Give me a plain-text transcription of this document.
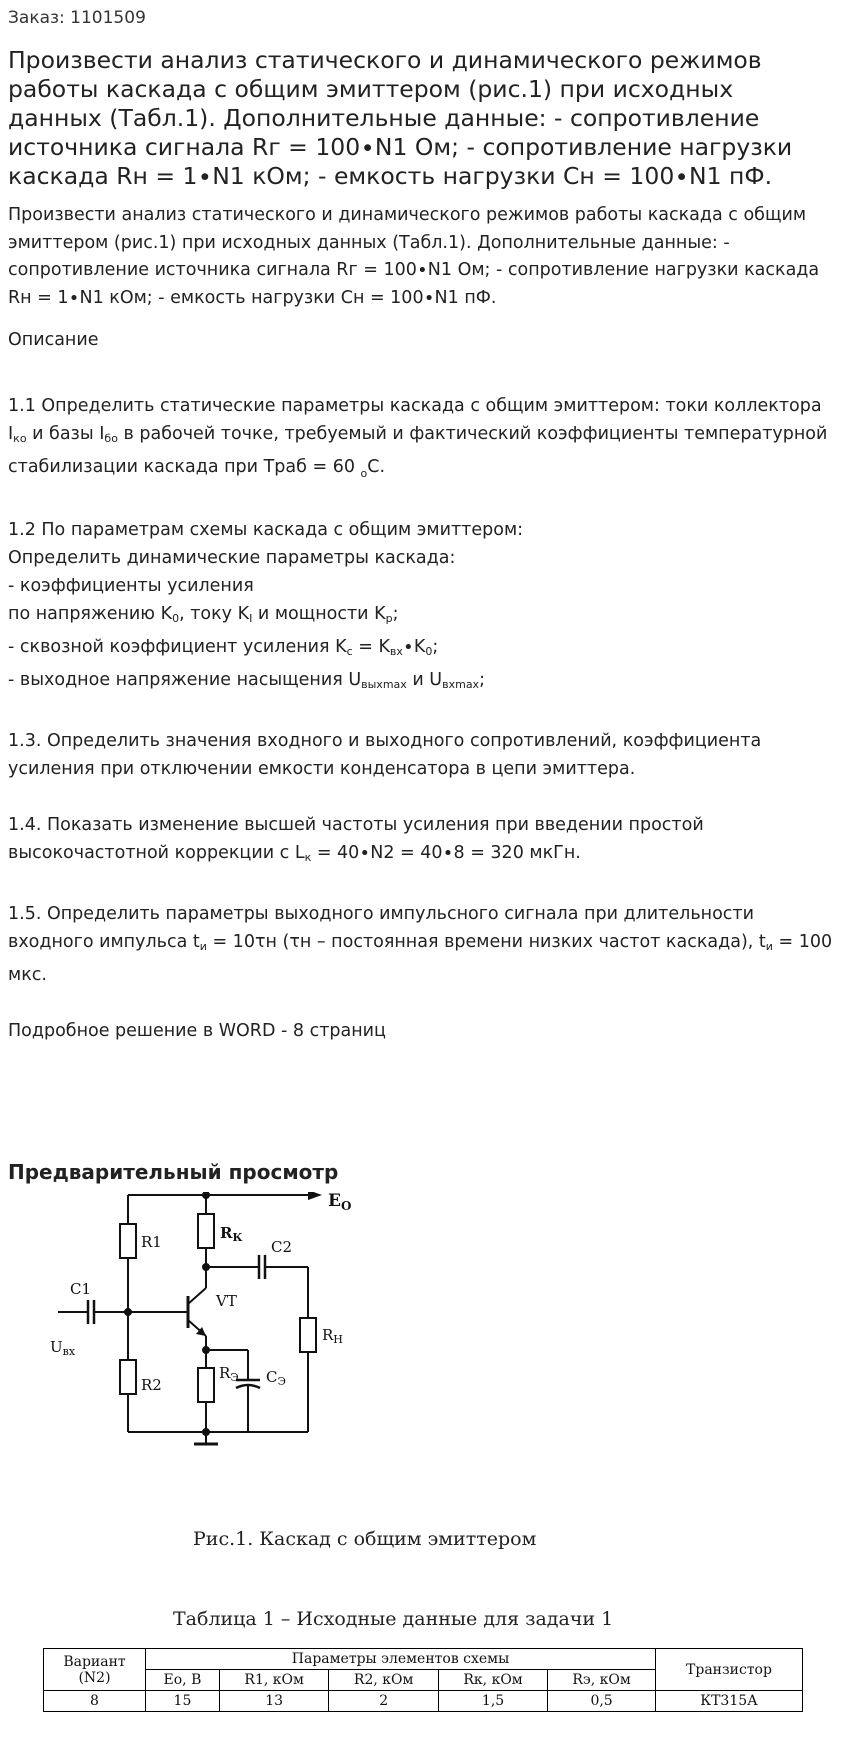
Заказ: 1101509
Произвести анализ статического и динамического режимов работы каскада с общим эмиттером (рис.1) при исходных данных (Табл.1). Дополнительные данные: - сопротивление источника сигнала Rг = 100∙N1 Ом; - сопротивление нагрузки каскада Rн = 1∙N1 кОм; - емкость нагрузки Cн = 100∙N1 пФ.
Произвести анализ статического и динамического режимов работы каскада с общим эмиттером (рис.1) при исходных данных (Табл.1). Дополнительные данные: - сопротивление источника сигнала Rг = 100∙N1 Ом; - сопротивление нагрузки каскада Rн = 1∙N1 кОм; - емкость нагрузки Cн = 100∙N1 пФ.
Описание

1.1 Определить статические параметры каскада с общим эмиттером: токи коллектора $I_{ко}$ и базы $I_{бо}$ в рабочей точке, требуемый и фактический коэффициенты температурной стабилизации каскада при Траб = 60 $_о$С.

1.2 По параметрам схемы каскада с общим эмиттером:
Определить динамические параметры каскада:
- коэффициенты усиления
по напряжению $K_0$, току $K_I$ и мощности $K_p$;
- сквозной коэффициент усиления $K_c = K_{вх}\cdot K_0$;
- выходное напряжение насыщения $U_{выхmax}$ и $U_{вхmax}$;

1.3. Определить значения входного и выходного сопротивлений, коэффициента усиления при отключении емкости конденсатора в цепи эмиттера.

1.4. Показать изменение высшей частоты усиления при введении простой высокочастотной коррекции с $L_к = 40\cdot N2 = 40\cdot 8 = 320$ мкГн.

1.5. Определить параметры выходного импульсного сигнала при длительности входного импульса $t_и = 10\tau н$ (τн – постоянная времени низких частот каскада), $t_и = 100$ мкс.

Подробное решение в WORD - 8 страниц

Предварительный просмотр
$E_O$
R1	$R_К$
C2
C1
VT
$U_{вх}$
$R_Н$
R2
$R_Э$ $C_Э$
Рис.1. Каскад с общим эмиттером
Таблица 1 – Исходные данные для задачи 1
Вариант (N2)	Параметры элементов схемы					Транзистор
	Eo, В	R1, кОм	R2, кОм	Rк, кОм	Rэ, кОм	
8	15	13	2	1,5	0,5	КТ315А
